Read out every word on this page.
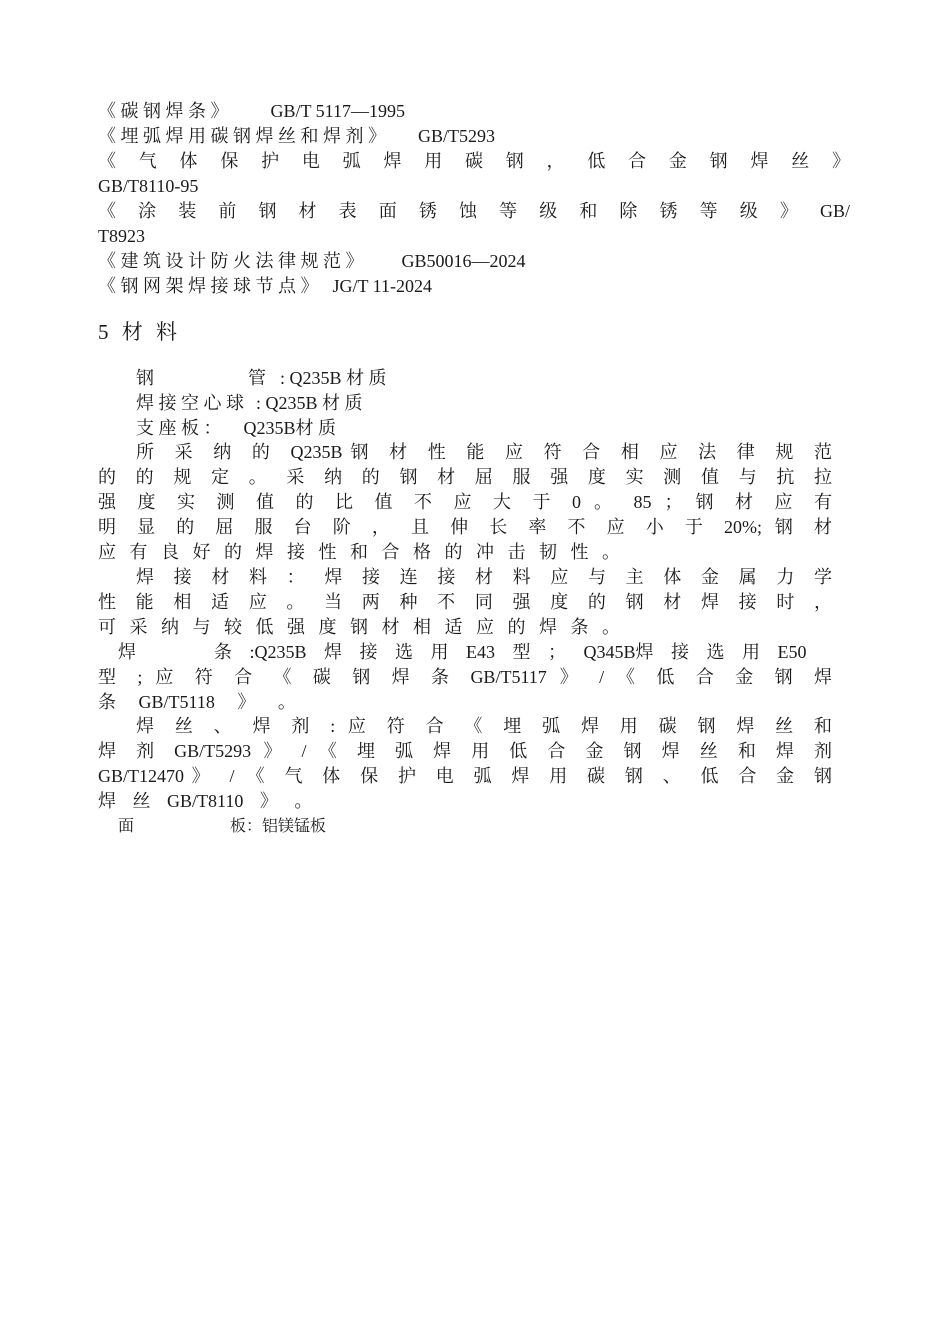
《 碳 钢 焊 条 》 GB/T 5117—1995
《 埋 弧 焊 用 碳 钢 焊 丝 和 焊 剂 》 GB/T5293
《 气 体 保 护 电 弧 焊 用 碳 钢 ， 低 合 金 钢 焊 丝 》
GB/T8110-95
《 涂 装 前 钢 材 表 面 锈 蚀 等 级 和 除 锈 等 级 》 GB/
T8923
《 建 筑 设 计 防 火 法 律 规 范 》 GB50016—2024
《 钢 网 架 焊 接 球 节 点 》 JG/T 11-2024
5 材 料
钢	管 : Q235B 材 质
焊 接 空 心 球 : Q235B 材 质
支 座 板 ： Q235B材 质
所 采 纳 的 Q235B钢 材 性 能 应 符 合 相 应 法 律 规 范
的 的 规 定 。 采 纳 的 钢 材 屈 服 强 度 实 测 值 与 抗 拉
强 度 实 测 值 的 比 值 不 应 大 于 0 。 85 ； 钢 材 应 有
明 显 的 屈 服 台 阶 ， 且 伸 长 率 不 应 小 于 20%; 钢 材
应 有 良 好 的 焊 接 性 和 合 格 的 冲 击 韧 性 。
焊 接 材 料 ： 焊 接 连 接 材 料 应 与 主 体 金 属 力 学
性 能 相 适 应 。 当 两 种 不 同 强 度 的 钢 材 焊 接 时 ，
可 采 纳 与 较 低 强 度 钢 材 相 适 应 的 焊 条 。
焊	条 :Q235B 焊 接 选 用 E43 型 ； Q345B焊 接 选 用 E50
型 ; 应 符 合 《 碳 钢 焊 条 GB/T5117 》 / 《 低 合 金 钢 焊
条 GB/T5118 》 。
焊 丝 、 焊 剂 : 应 符 合 《 埋 弧 焊 用 碳 钢 焊 丝 和
焊 剂 GB/T5293 》 / 《 埋 弧 焊 用 低 合 金 钢 焊 丝 和 焊 剂
GB/T12470》 / 《 气 体 保 护 电 弧 焊 用 碳 钢 、 低 合 金 钢
焊 丝 GB/T8110 》 。
面	板：铝镁锰板
